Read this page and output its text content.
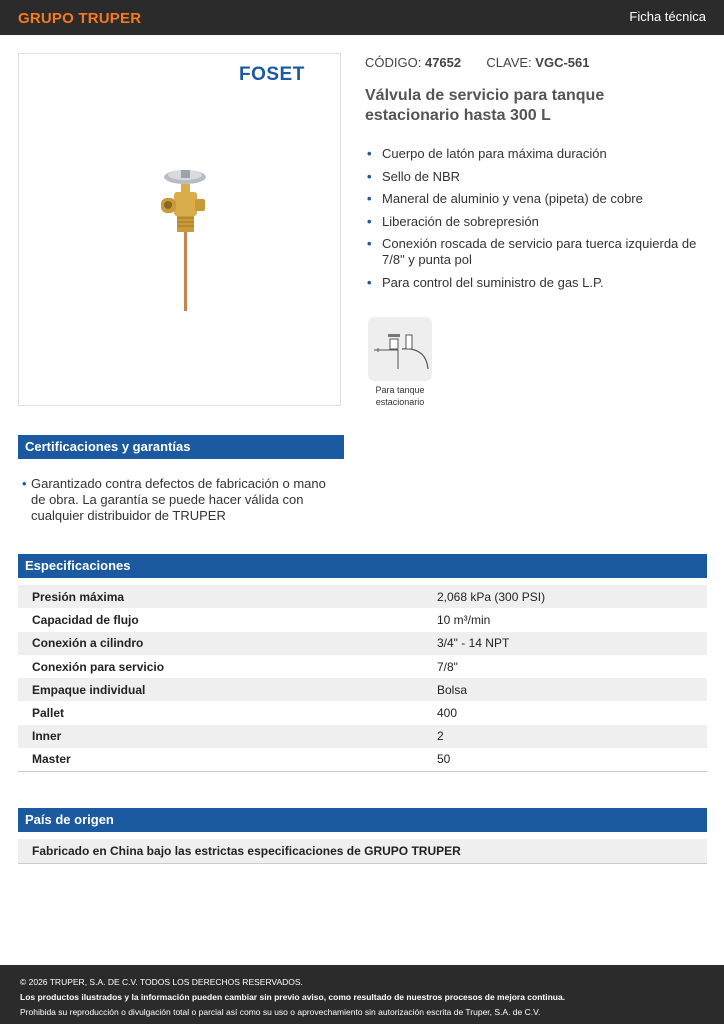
GRUPO TRUPER	Ficha técnica
FOSET
CÓDIGO: 47652 CLAVE: VGC-561
Válvula de servicio para tanque estacionario hasta 300 L
• Cuerpo de latón para máxima duración
• Sello de NBR
• Maneral de aluminio y vena (pipeta) de cobre
• Liberación de sobrepresión
• Conexión roscada de servicio para tuerca izquierda de 7/8" y punta pol
• Para control del suministro de gas L.P.
Para tanque estacionario
Certificaciones y garantías
• Garantizado contra defectos de fabricación o mano de obra. La garantía se puede hacer válida con cualquier distribuidor de TRUPER
Especificaciones
Presión máxima	2,068 kPa (300 PSI)
Capacidad de flujo	10 m³/min
Conexión a cilindro	3/4" - 14 NPT
Conexión para servicio	7/8"
Empaque individual	Bolsa
Pallet	400
Inner	2
Master	50
País de origen
Fabricado en China bajo las estrictas especificaciones de GRUPO TRUPER
© 2026 TRUPER, S.A. DE C.V. TODOS LOS DERECHOS RESERVADOS.
Los productos ilustrados y la información pueden cambiar sin previo aviso, como resultado de nuestros procesos de mejora continua.
Prohibida su reproducción o divulgación total o parcial así como su uso o aprovechamiento sin autorización escrita de Truper, S.A. de C.V.
